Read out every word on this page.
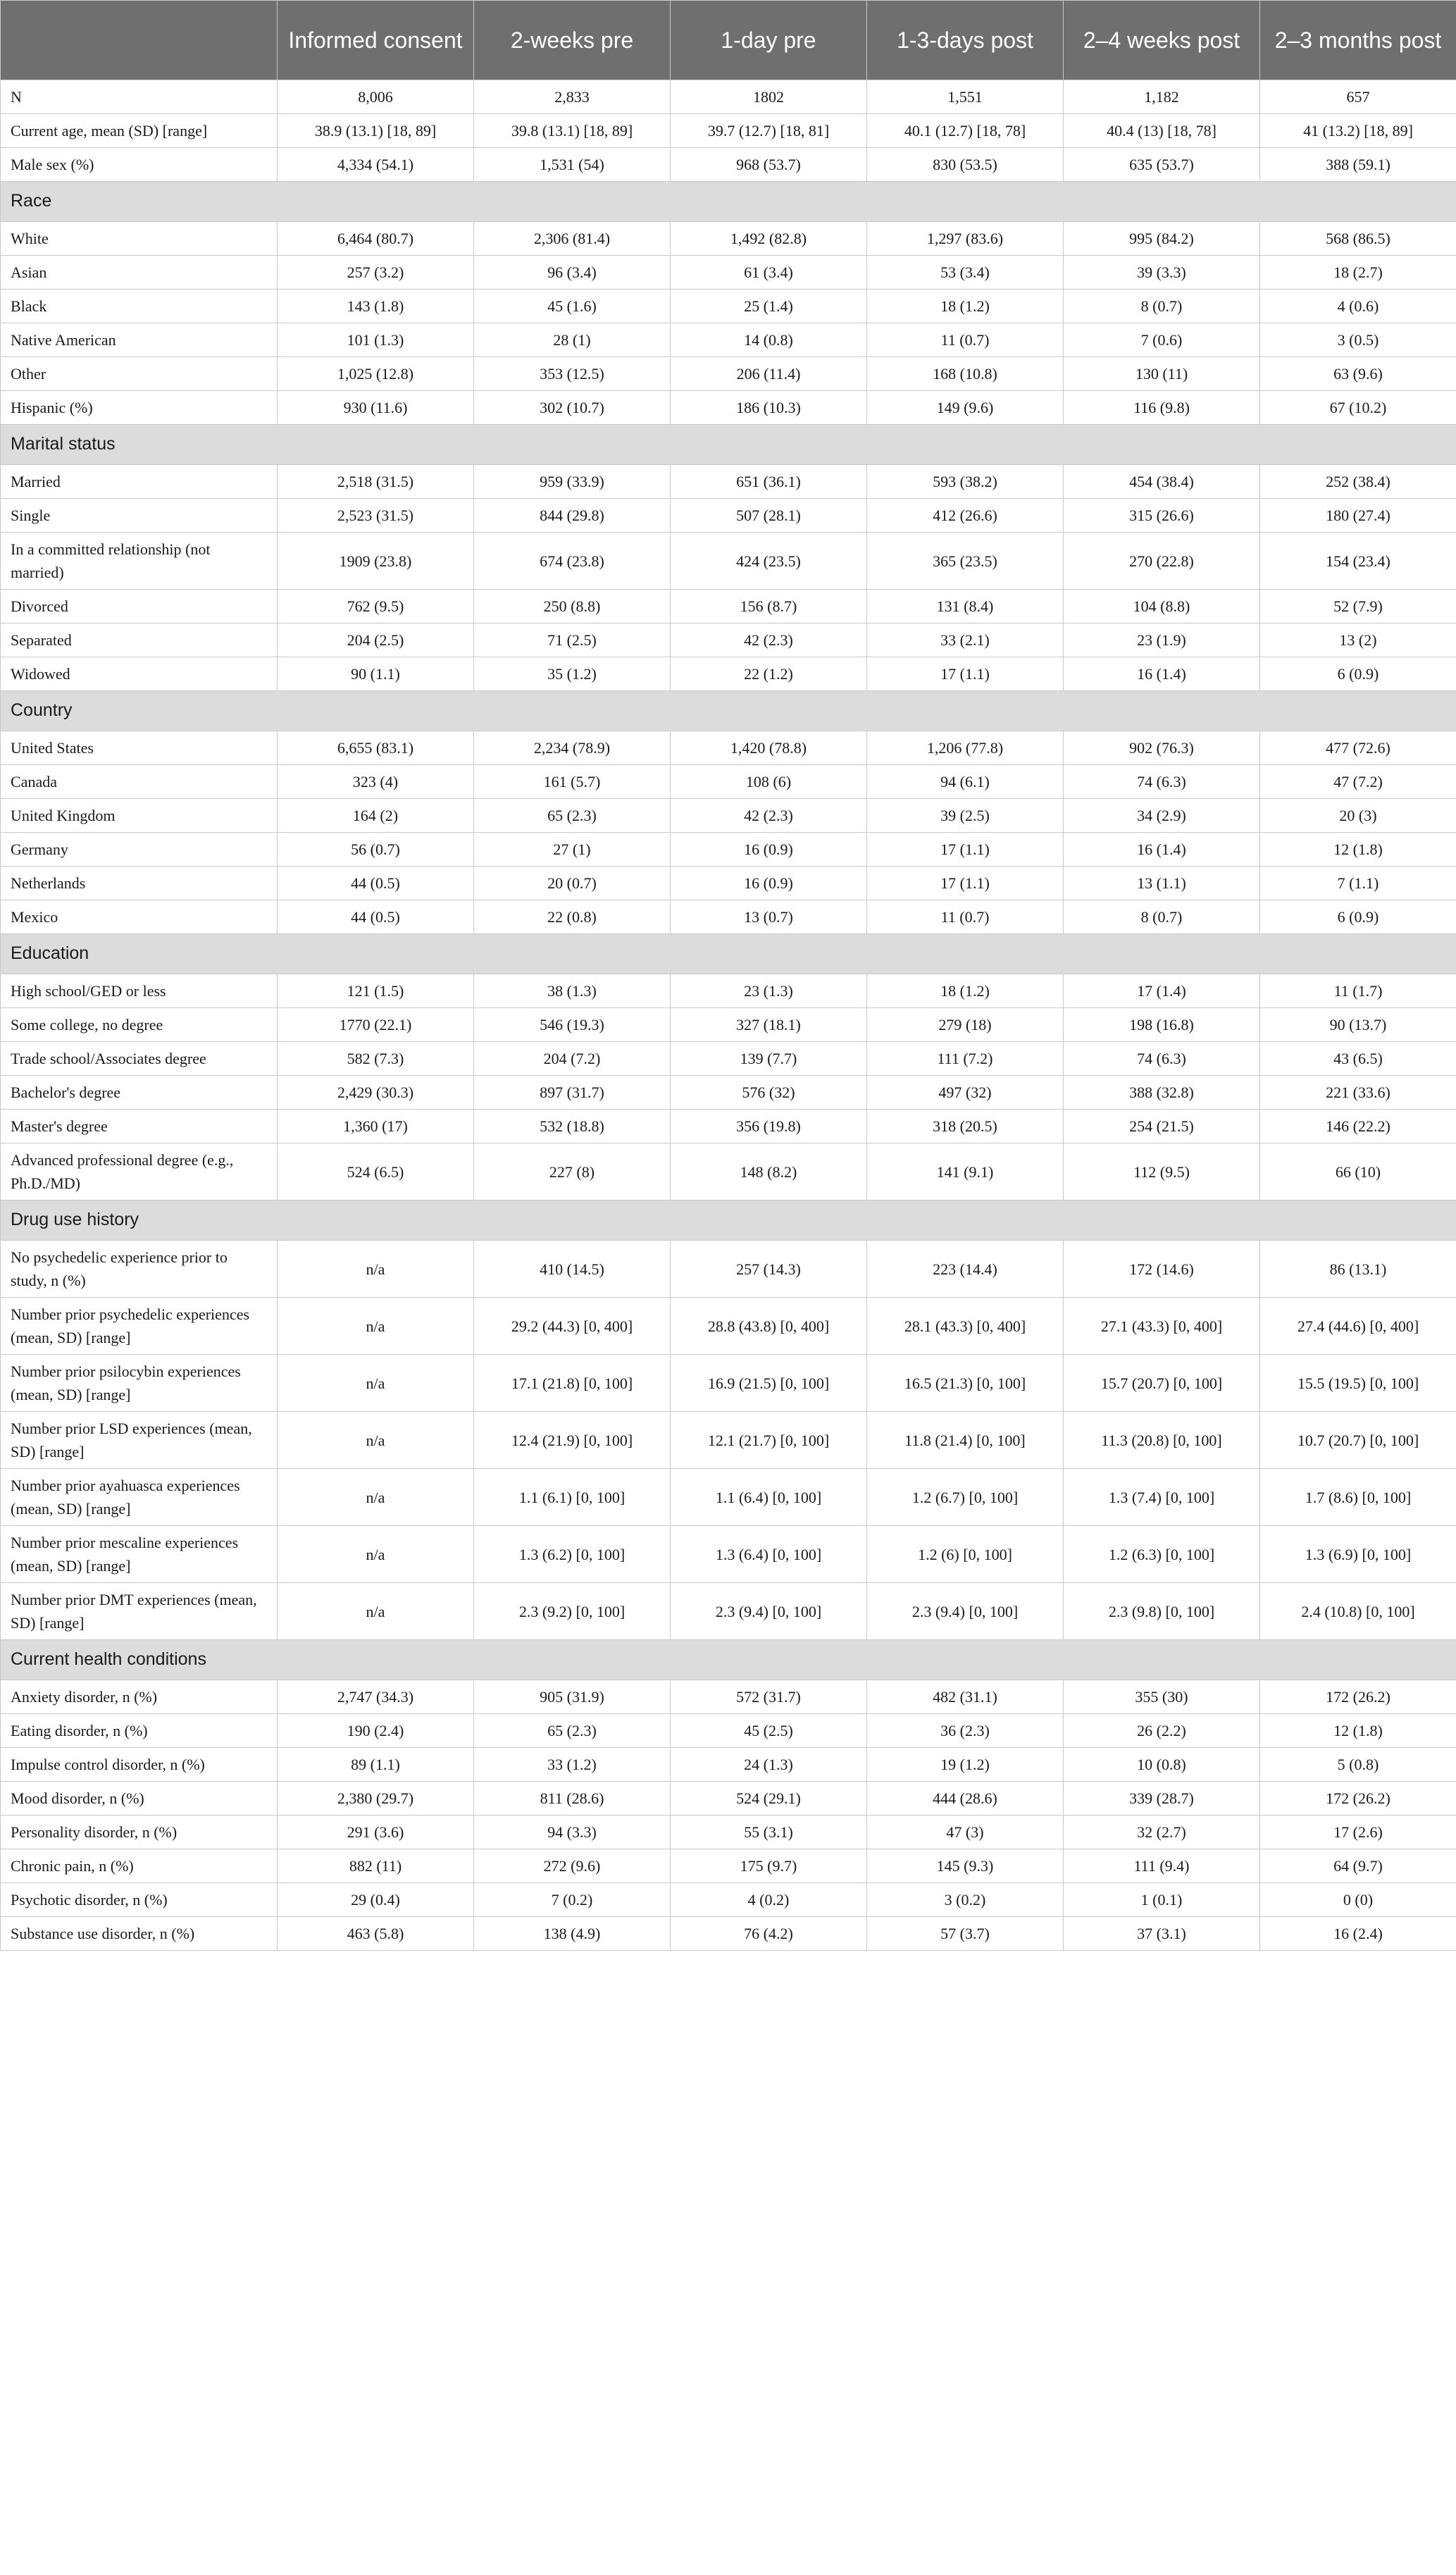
	Informed consent	2-weeks pre	1-day pre	1-3-days post	2–4 weeks post	2–3 months post
N	8,006	2,833	1802	1,551	1,182	657
Current age, mean (SD) [range]	38.9 (13.1) [18, 89]	39.8 (13.1) [18, 89]	39.7 (12.7) [18, 81]	40.1 (12.7) [18, 78]	40.4 (13) [18, 78]	41 (13.2) [18, 89]
Male sex (%)	4,334 (54.1)	1,531 (54)	968 (53.7)	830 (53.5)	635 (53.7)	388 (59.1)
Race						
White	6,464 (80.7)	2,306 (81.4)	1,492 (82.8)	1,297 (83.6)	995 (84.2)	568 (86.5)
Asian	257 (3.2)	96 (3.4)	61 (3.4)	53 (3.4)	39 (3.3)	18 (2.7)
Black	143 (1.8)	45 (1.6)	25 (1.4)	18 (1.2)	8 (0.7)	4 (0.6)
Native American	101 (1.3)	28 (1)	14 (0.8)	11 (0.7)	7 (0.6)	3 (0.5)
Other	1,025 (12.8)	353 (12.5)	206 (11.4)	168 (10.8)	130 (11)	63 (9.6)
Hispanic (%)	930 (11.6)	302 (10.7)	186 (10.3)	149 (9.6)	116 (9.8)	67 (10.2)
Marital status						
Married	2,518 (31.5)	959 (33.9)	651 (36.1)	593 (38.2)	454 (38.4)	252 (38.4)
Single	2,523 (31.5)	844 (29.8)	507 (28.1)	412 (26.6)	315 (26.6)	180 (27.4)
In a committed relationship (not married)	1909 (23.8)	674 (23.8)	424 (23.5)	365 (23.5)	270 (22.8)	154 (23.4)
Divorced	762 (9.5)	250 (8.8)	156 (8.7)	131 (8.4)	104 (8.8)	52 (7.9)
Separated	204 (2.5)	71 (2.5)	42 (2.3)	33 (2.1)	23 (1.9)	13 (2)
Widowed	90 (1.1)	35 (1.2)	22 (1.2)	17 (1.1)	16 (1.4)	6 (0.9)
Country						
United States	6,655 (83.1)	2,234 (78.9)	1,420 (78.8)	1,206 (77.8)	902 (76.3)	477 (72.6)
Canada	323 (4)	161 (5.7)	108 (6)	94 (6.1)	74 (6.3)	47 (7.2)
United Kingdom	164 (2)	65 (2.3)	42 (2.3)	39 (2.5)	34 (2.9)	20 (3)
Germany	56 (0.7)	27 (1)	16 (0.9)	17 (1.1)	16 (1.4)	12 (1.8)
Netherlands	44 (0.5)	20 (0.7)	16 (0.9)	17 (1.1)	13 (1.1)	7 (1.1)
Mexico	44 (0.5)	22 (0.8)	13 (0.7)	11 (0.7)	8 (0.7)	6 (0.9)
Education						
High school/GED or less	121 (1.5)	38 (1.3)	23 (1.3)	18 (1.2)	17 (1.4)	11 (1.7)
Some college, no degree	1770 (22.1)	546 (19.3)	327 (18.1)	279 (18)	198 (16.8)	90 (13.7)
Trade school/Associates degree	582 (7.3)	204 (7.2)	139 (7.7)	111 (7.2)	74 (6.3)	43 (6.5)
Bachelor's degree	2,429 (30.3)	897 (31.7)	576 (32)	497 (32)	388 (32.8)	221 (33.6)
Master's degree	1,360 (17)	532 (18.8)	356 (19.8)	318 (20.5)	254 (21.5)	146 (22.2)
Advanced professional degree (e.g., Ph.D./MD)	524 (6.5)	227 (8)	148 (8.2)	141 (9.1)	112 (9.5)	66 (10)
Drug use history						
No psychedelic experience prior to study, n (%)	n/a	410 (14.5)	257 (14.3)	223 (14.4)	172 (14.6)	86 (13.1)
Number prior psychedelic experiences (mean, SD) [range]	n/a	29.2 (44.3) [0, 400]	28.8 (43.8) [0, 400]	28.1 (43.3) [0, 400]	27.1 (43.3) [0, 400]	27.4 (44.6) [0, 400]
Number prior psilocybin experiences (mean, SD) [range]	n/a	17.1 (21.8) [0, 100]	16.9 (21.5) [0, 100]	16.5 (21.3) [0, 100]	15.7 (20.7) [0, 100]	15.5 (19.5) [0, 100]
Number prior LSD experiences (mean, SD) [range]	n/a	12.4 (21.9) [0, 100]	12.1 (21.7) [0, 100]	11.8 (21.4) [0, 100]	11.3 (20.8) [0, 100]	10.7 (20.7) [0, 100]
Number prior ayahuasca experiences (mean, SD) [range]	n/a	1.1 (6.1) [0, 100]	1.1 (6.4) [0, 100]	1.2 (6.7) [0, 100]	1.3 (7.4) [0, 100]	1.7 (8.6) [0, 100]
Number prior mescaline experiences (mean, SD) [range]	n/a	1.3 (6.2) [0, 100]	1.3 (6.4) [0, 100]	1.2 (6) [0, 100]	1.2 (6.3) [0, 100]	1.3 (6.9) [0, 100]
Number prior DMT experiences (mean, SD) [range]	n/a	2.3 (9.2) [0, 100]	2.3 (9.4) [0, 100]	2.3 (9.4) [0, 100]	2.3 (9.8) [0, 100]	2.4 (10.8) [0, 100]
Current health conditions						
Anxiety disorder, n (%)	2,747 (34.3)	905 (31.9)	572 (31.7)	482 (31.1)	355 (30)	172 (26.2)
Eating disorder, n (%)	190 (2.4)	65 (2.3)	45 (2.5)	36 (2.3)	26 (2.2)	12 (1.8)
Impulse control disorder, n (%)	89 (1.1)	33 (1.2)	24 (1.3)	19 (1.2)	10 (0.8)	5 (0.8)
Mood disorder, n (%)	2,380 (29.7)	811 (28.6)	524 (29.1)	444 (28.6)	339 (28.7)	172 (26.2)
Personality disorder, n (%)	291 (3.6)	94 (3.3)	55 (3.1)	47 (3)	32 (2.7)	17 (2.6)
Chronic pain, n (%)	882 (11)	272 (9.6)	175 (9.7)	145 (9.3)	111 (9.4)	64 (9.7)
Psychotic disorder, n (%)	29 (0.4)	7 (0.2)	4 (0.2)	3 (0.2)	1 (0.1)	0 (0)
Substance use disorder, n (%)	463 (5.8)	138 (4.9)	76 (4.2)	57 (3.7)	37 (3.1)	16 (2.4)
